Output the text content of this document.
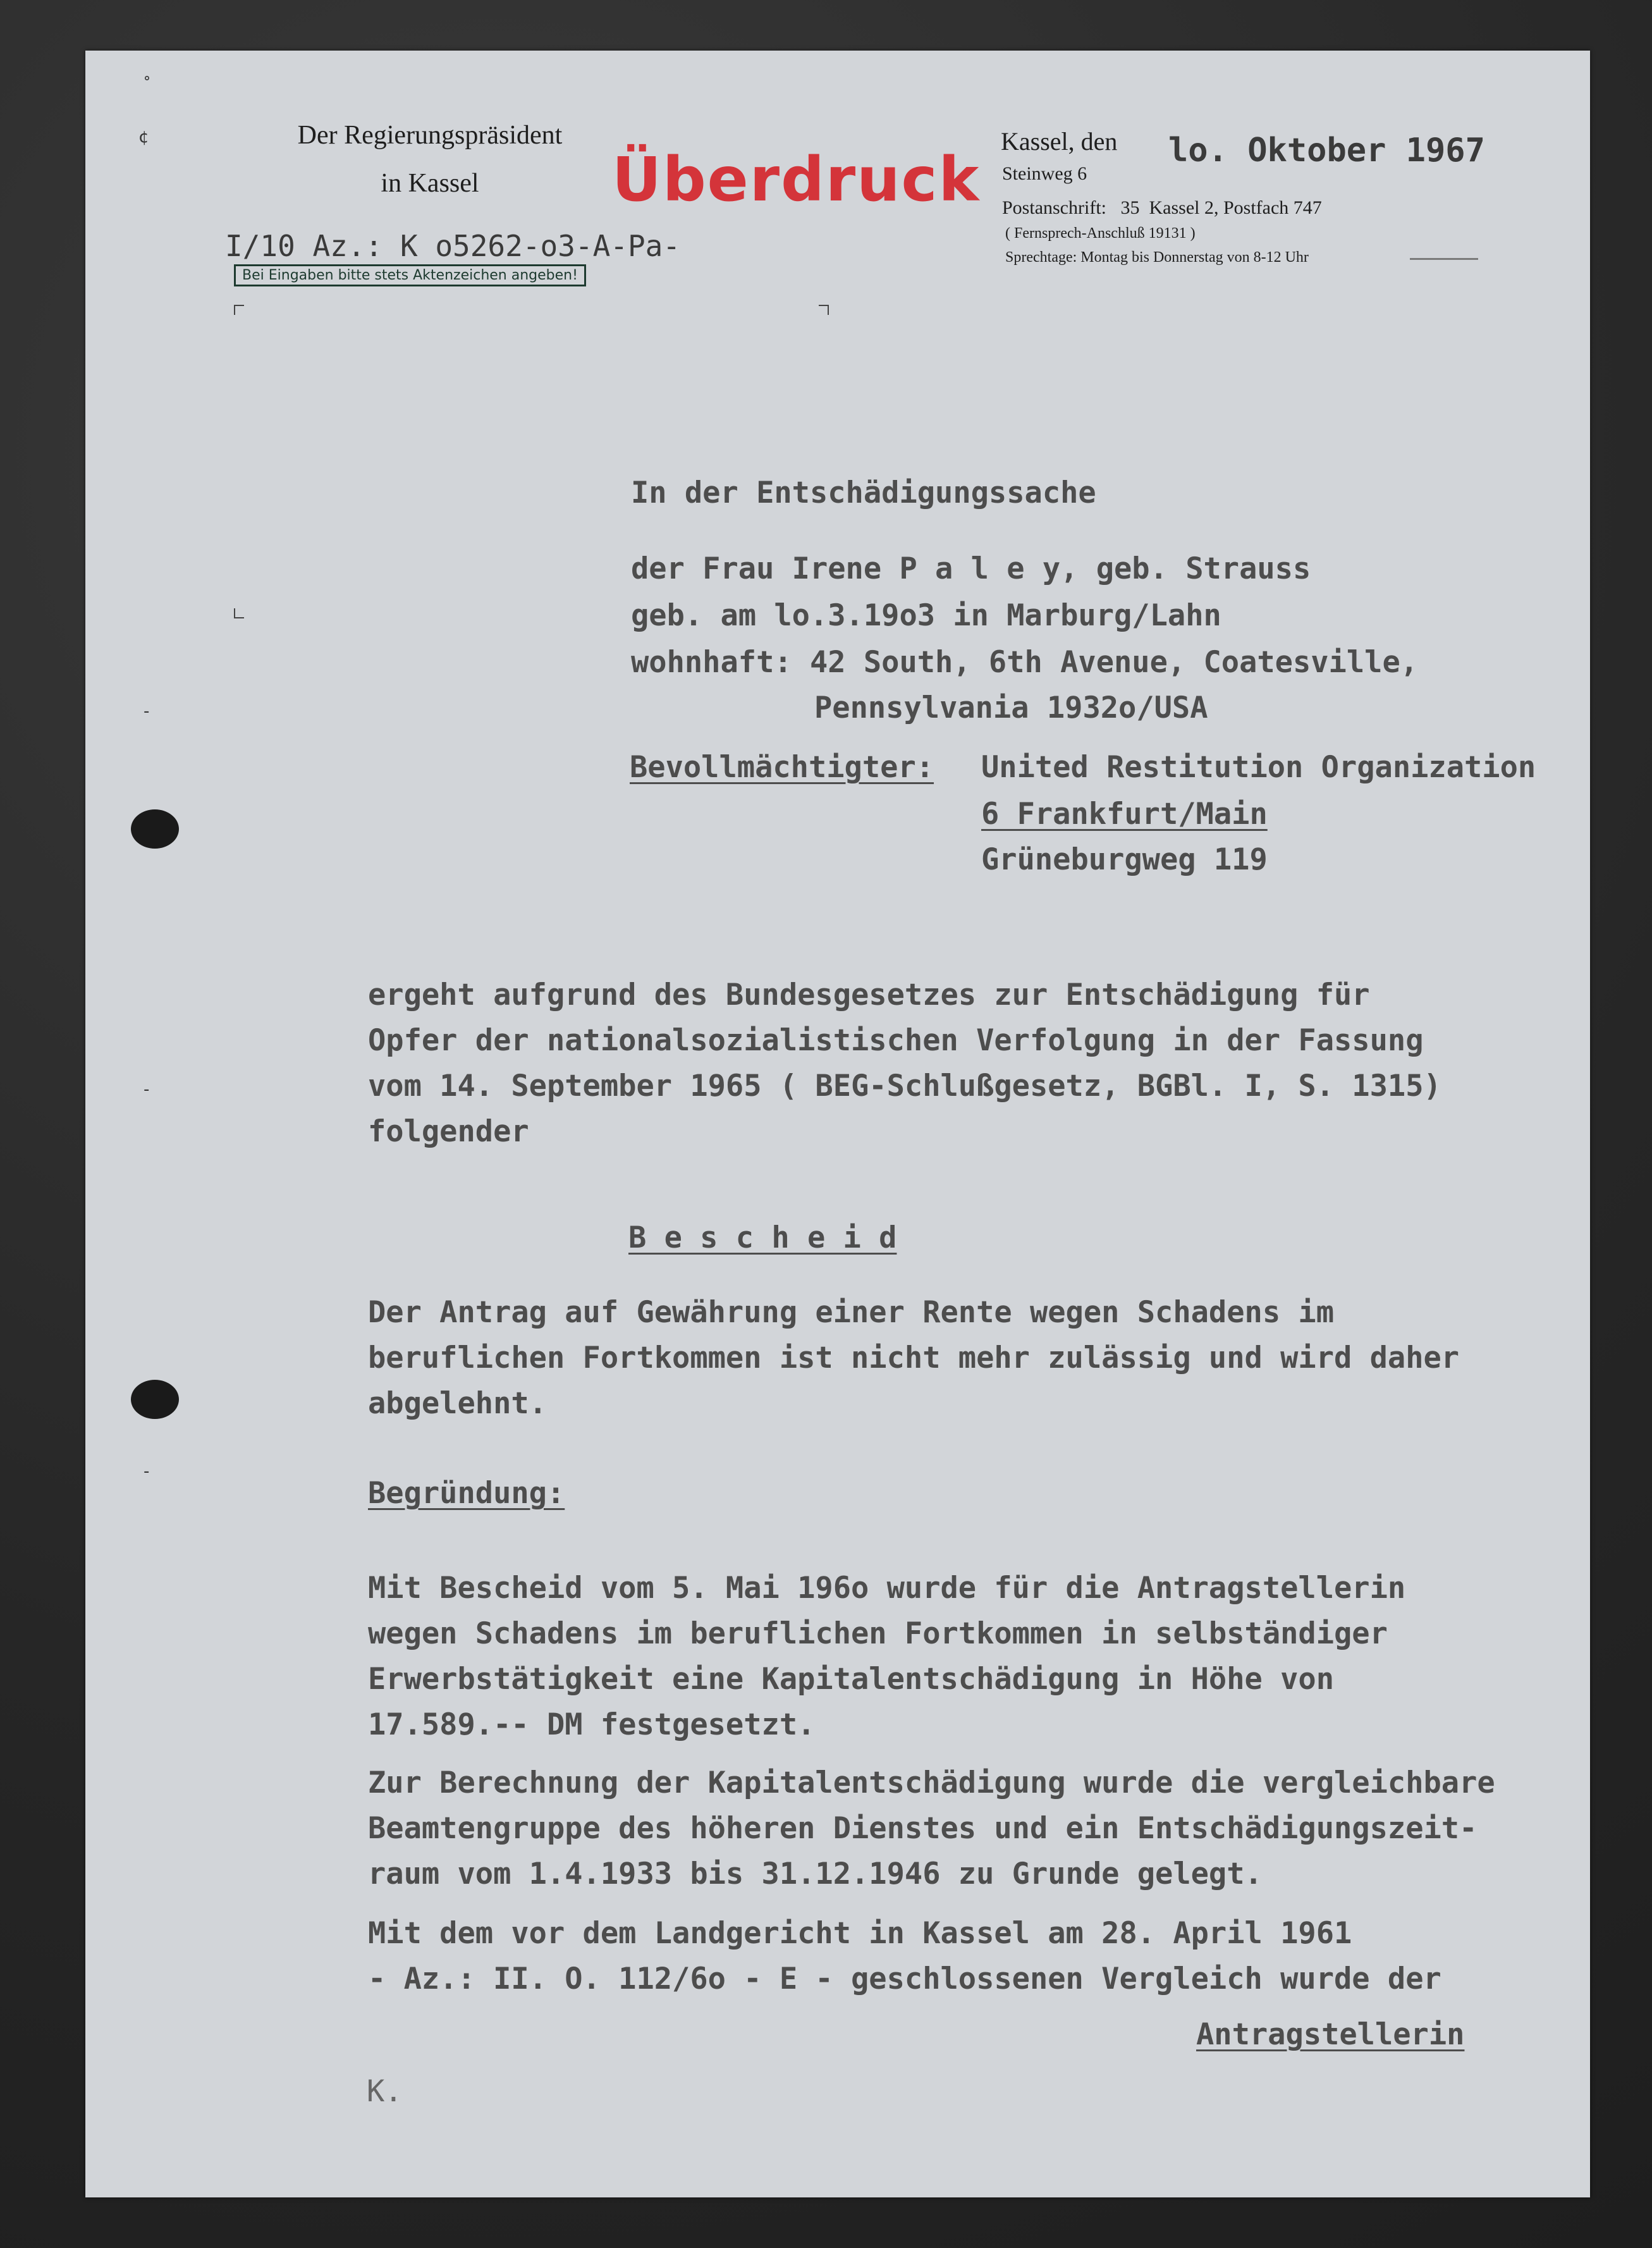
˚
¢
-
-
-
Der Regierungspräsident
in Kassel	Überdruck
Kassel, den lo. Oktober 1967
Steinweg 6
Postanschrift:   35  Kassel 2, Postfach 747
( Fernsprech-Anschluß 19131 )
Sprechtage: Montag bis Donnerstag von 8-12 Uhr
I/10 Az.: K o5262-o3-A-Pa-
Bei Eingaben bitte stets Aktenzeichen angeben!
In der Entschädigungssache
der Frau Irene P a l e y, geb. Strauss
geb. am lo.3.19o3 in Marburg/Lahn
wohnhaft: 42 South, 6th Avenue, Coatesville,
Pennsylvania 1932o/USA
Bevollmächtigter: United Restitution Organization
6 Frankfurt/Main
Grüneburgweg 119
ergeht aufgrund des Bundesgesetzes zur Entschädigung für
Opfer der nationalsozialistischen Verfolgung in der Fassung
vom 14. September 1965 ( BEG-Schlußgesetz, BGBl. I, S. 1315)
folgender
B e s c h e i d
Der Antrag auf Gewährung einer Rente wegen Schadens im
beruflichen Fortkommen ist nicht mehr zulässig und wird daher
abgelehnt.
Begründung:
Mit Bescheid vom 5. Mai 196o wurde für die Antragstellerin
wegen Schadens im beruflichen Fortkommen in selbständiger
Erwerbstätigkeit eine Kapitalentschädigung in Höhe von
17.589.-- DM festgesetzt.
Zur Berechnung der Kapitalentschädigung wurde die vergleichbare
Beamtengruppe des höheren Dienstes und ein Entschädigungszeit-
raum vom 1.4.1933 bis 31.12.1946 zu Grunde gelegt.
Mit dem vor dem Landgericht in Kassel am 28. April 1961
- Az.: II. O. 112/6o - E - geschlossenen Vergleich wurde der
Antragstellerin
K.
